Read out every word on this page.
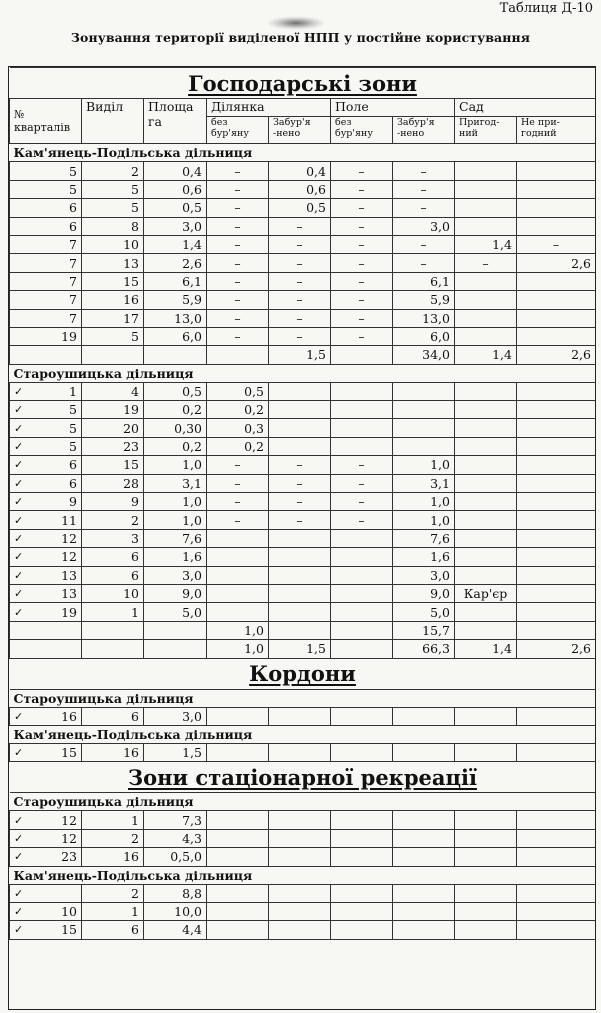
Таблиця Д-10
Зонування території виділеної НПП у постійне користування
Господарські зони								
№ кварталів	Виділ	Площа га	Ділянка		Поле		Сад	
			без бур'яну	Забур'я -нено	без бур'яну	Забур'я -нено	Пригод- ний	Не при- годний
Кам'янець-Подільська дільниця								

5	2	0,4	–	0,4	–	–		

5	5	0,6	–	0,6	–	–		

6	5	0,5	–	0,5	–	–		

6	8	3,0	–	–	–	3,0		

7	10	1,4	–	–	–	–	1,4	–

7	13	2,6	–	–	–	–	–	2,6

7	15	6,1	–	–	–	6,1		

7	16	5,9	–	–	–	5,9		

7	17	13,0	–	–	–	13,0		

19	5	6,0	–	–	–	6,0		

				1,5		34,0	1,4	2,6
Староушицька дільниця								

✓ 1	4	0,5	0,5					

✓ 5	19	0,2	0,2					

✓ 5	20	0,30	0,3					

✓ 5	23	0,2	0,2					

✓ 6	15	1,0	–	–	–	1,0		

✓ 6	28	3,1	–	–	–	3,1		

✓ 9	9	1,0	–	–	–	1,0		

✓ 11	2	1,0	–	–	–	1,0		

✓ 12	3	7,6				7,6		

✓ 12	6	1,6				1,6		

✓ 13	6	3,0				3,0		

✓ 13	10	9,0				9,0	Кар'єр	

✓ 19	1	5,0				5,0		

			1,0			15,7		

			1,0	1,5		66,3	1,4	2,6
Кордони								
Староушицька дільниця								

✓ 16	6	3,0						
Кам'янець-Подільська дільниця								

✓ 15	16	1,5						
Зони стаціонарної рекреації								
Староушицька дільниця								

✓ 12	1	7,3						

✓ 12	2	4,3						

✓ 23	16	0,5,0						
Кам'янець-Подільська дільниця								

✓	2	8,8						

✓ 10	1	10,0						

✓ 15	6	4,4						
